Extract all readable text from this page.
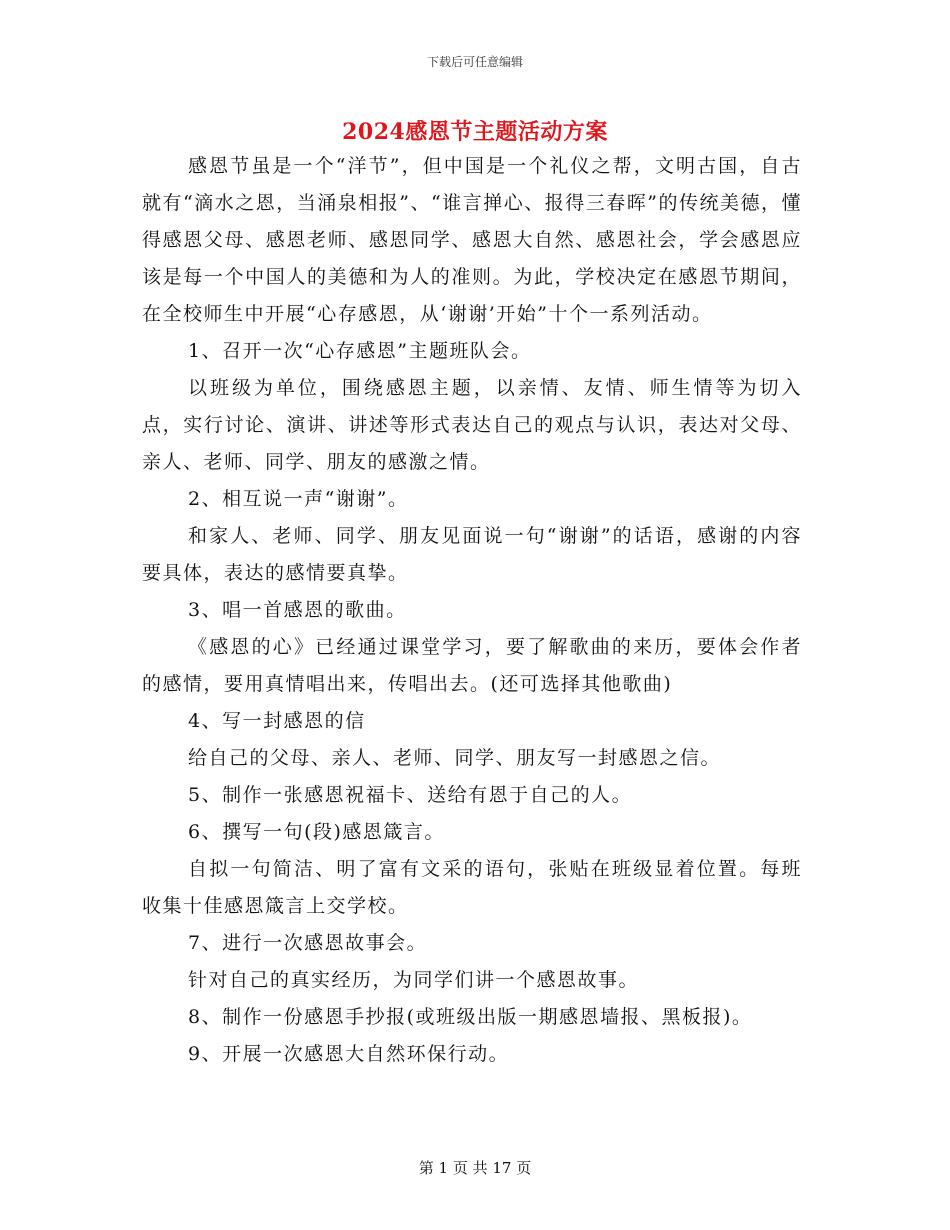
下载后可任意编辑
2024感恩节主题活动方案

感恩节虽是一个“洋节”，但中国是一个礼仪之帮，文明古国，自古就有“滴水之恩，当涌泉相报”、“谁言掸心、报得三春晖”的传统美德，懂得感恩父母、感恩老师、感恩同学、感恩大自然、感恩社会，学会感恩应该是每一个中国人的美德和为人的准则。为此，学校决定在感恩节期间，在全校师生中开展“心存感恩，从‘谢谢’开始”十个一系列活动。

1、召开一次“心存感恩”主题班队会。

以班级为单位，围绕感恩主题，以亲情、友情、师生情等为切入点，实行讨论、演讲、讲述等形式表达自己的观点与认识，表达对父母、亲人、老师、同学、朋友的感激之情。

2、相互说一声“谢谢”。

和家人、老师、同学、朋友见面说一句“谢谢”的话语，感谢的内容要具体，表达的感情要真挚。

3、唱一首感恩的歌曲。

《感恩的心》已经通过课堂学习，要了解歌曲的来历，要体会作者的感情，要用真情唱出来，传唱出去。(还可选择其他歌曲)

4、写一封感恩的信

给自己的父母、亲人、老师、同学、朋友写一封感恩之信。

5、制作一张感恩祝福卡、送给有恩于自己的人。

6、撰写一句(段)感恩箴言。

自拟一句简洁、明了富有文采的语句，张贴在班级显着位置。每班收集十佳感恩箴言上交学校。

7、进行一次感恩故事会。

针对自己的真实经历，为同学们讲一个感恩故事。

8、制作一份感恩手抄报(或班级出版一期感恩墙报、黑板报)。

9、开展一次感恩大自然环保行动。

第 1 页 共 17 页
